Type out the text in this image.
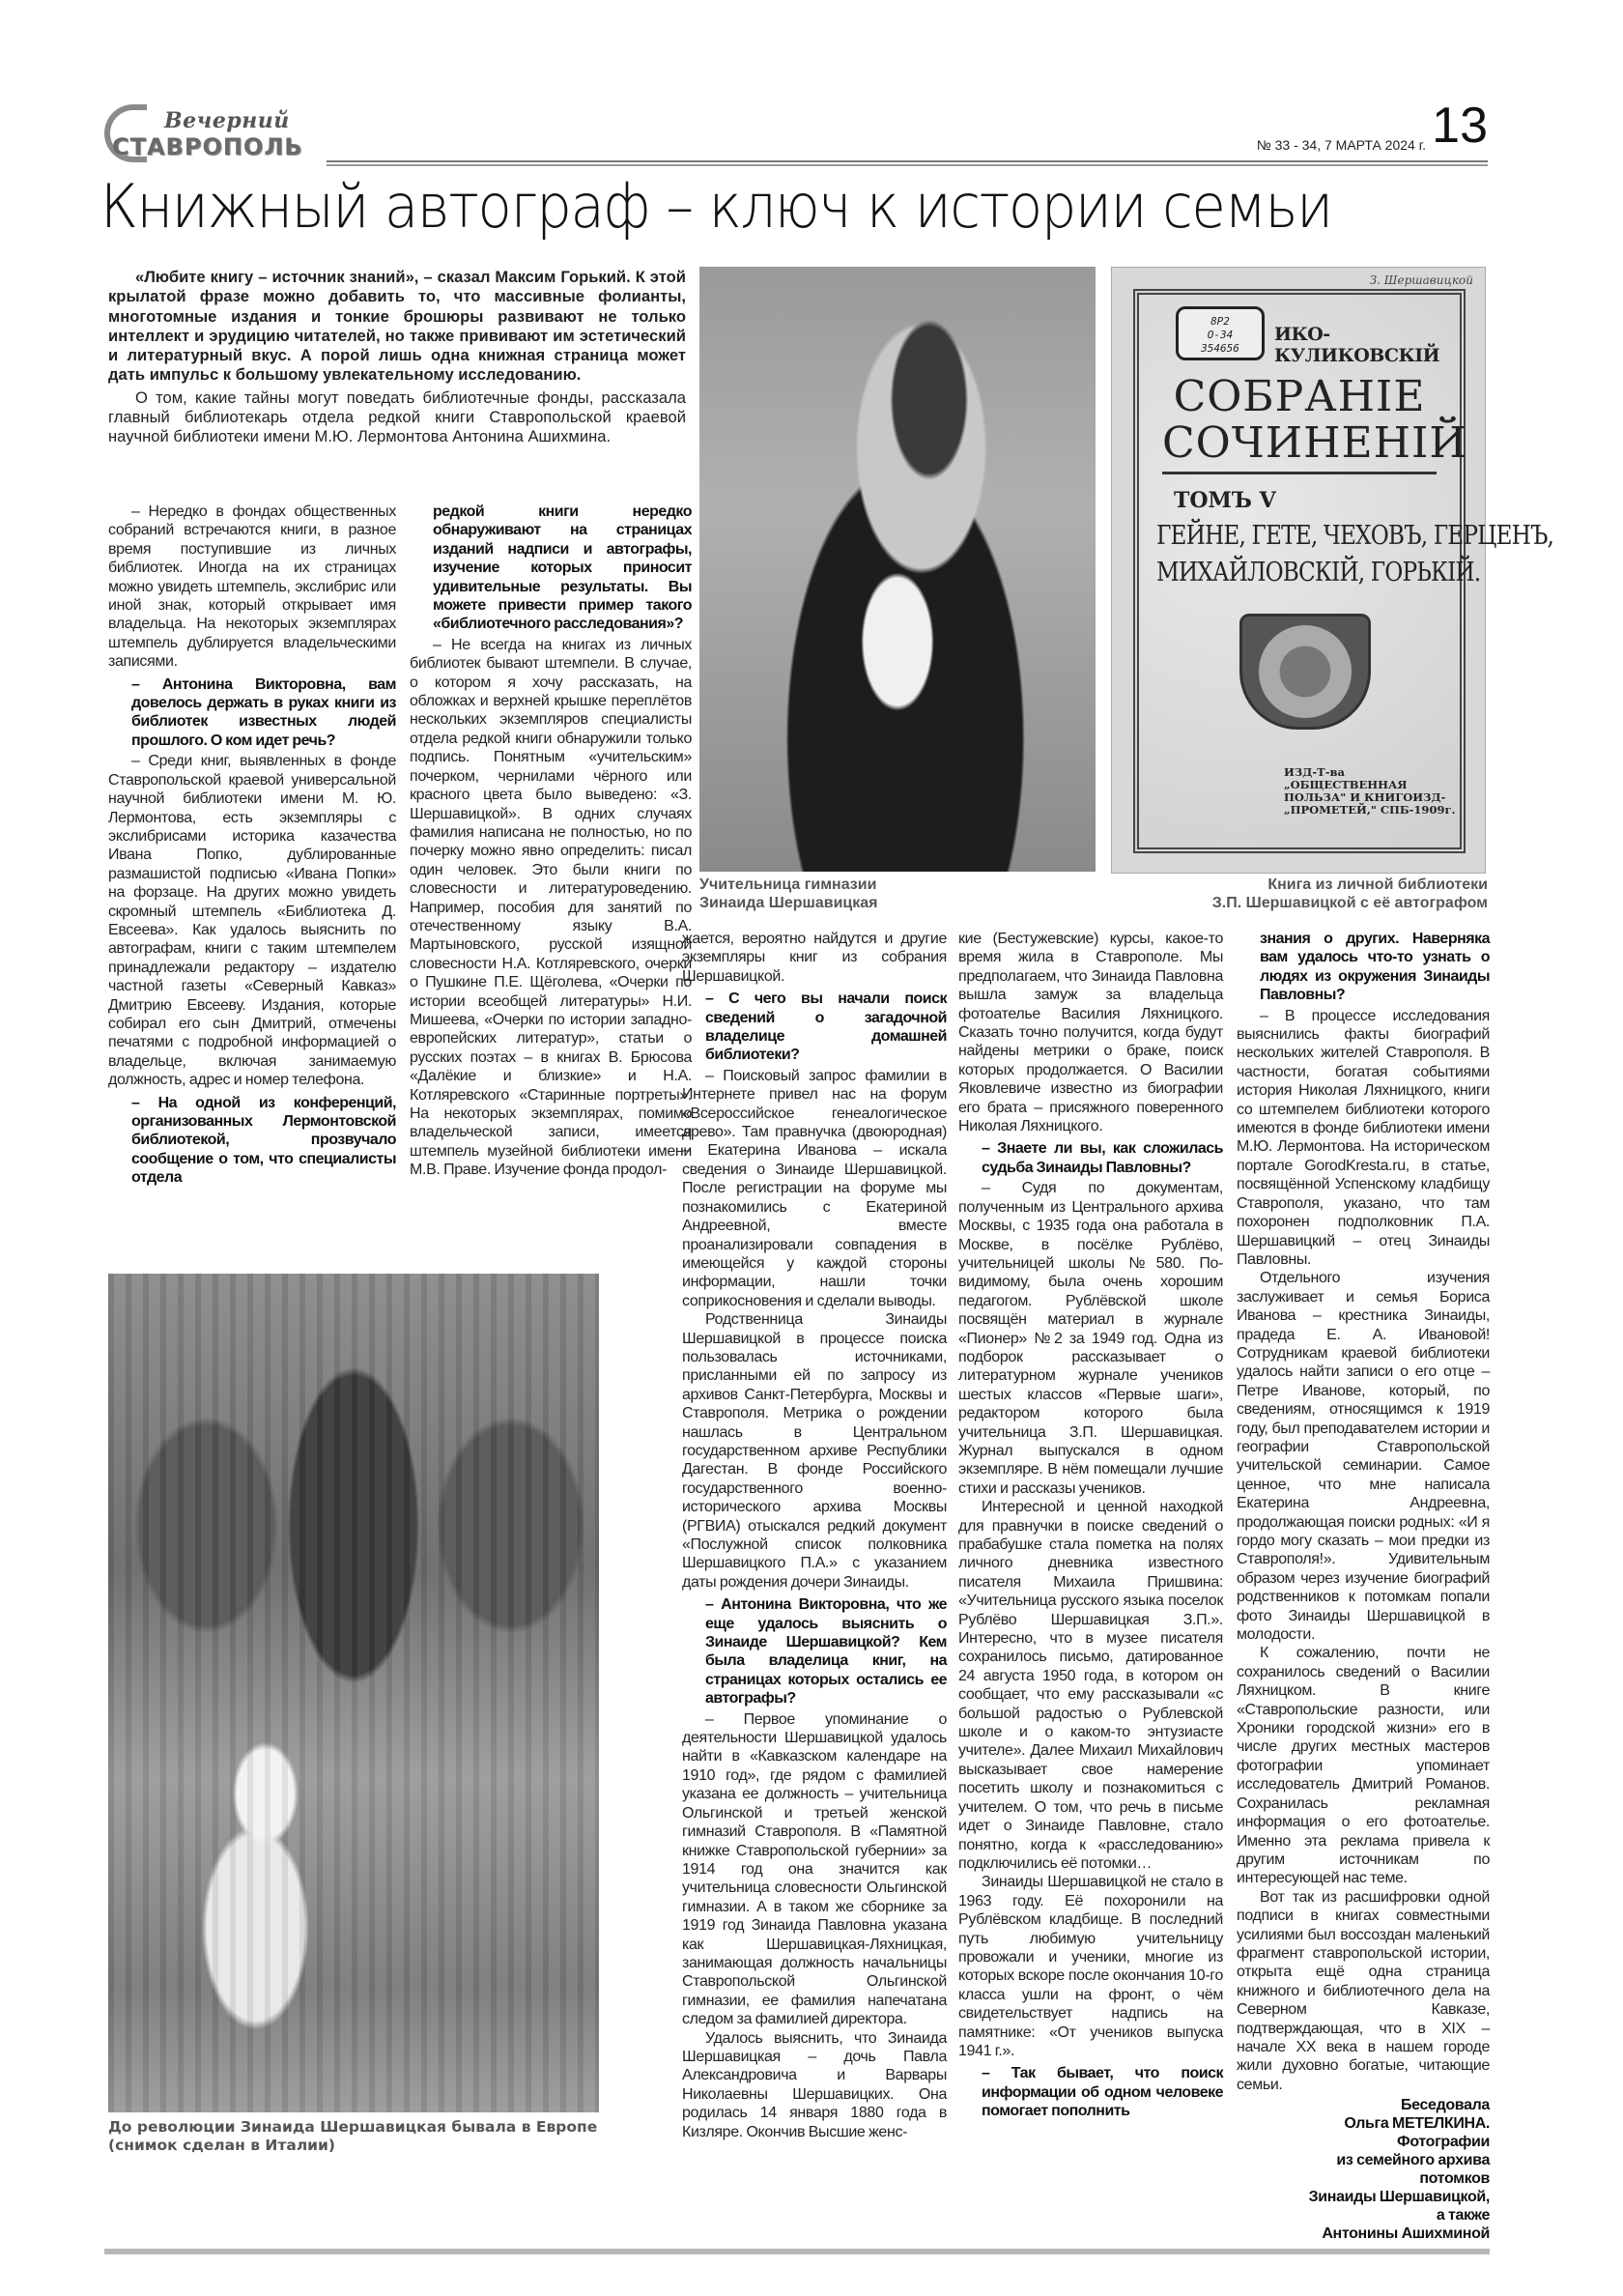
Вечерний
СТАВРОПОЛЬ	№ 33 - 34, 7 МАРТА 2024 г. 13
Книжный автограф – ключ к истории семьи

«Любите книгу – источник знаний», – сказал Максим Горький. К этой крылатой фразе можно добавить то, что массивные фолианты, многотомные издания и тонкие брошюры развивают не только интеллект и эрудицию читателей, но также прививают им эстетический и литературный вкус. А порой лишь одна книжная страница может дать импульс к большому увлекательному исследованию.

О том, какие тайны могут поведать библиотечные фонды, рассказала главный библиотекарь отдела редкой книги Ставропольской краевой научной библиотеки имени М.Ю. Лермонтова Антонина Ашихмина.

Учительница гимназии
Зинаида Шершавицкая
З. Шершавицкой
8Р2
О-34
354656
ИКО-КУЛИКОВСКІЙ
СОБРАНІЕ
СОЧИНЕНІЙ
ТОМЪ V
ГЕЙНЕ, ГЕТЕ, ЧЕХОВЪ, ГЕРЦЕНЪ,
МИХАЙЛОВСКІЙ, ГОРЬКІЙ.
ИЗД-Т-ва „ОБЩЕСТВЕННАЯ
ПОЛЬЗА" И КНИГОИЗД-
„ПРОМЕТЕЙ," СПБ-1909г.
Книга из личной библиотеки
З.П. Шершавицкой с её автографом
До революции Зинаида Шершавицкая бывала в Европе
(снимок сделан в Италии)

– Нередко в фондах общественных собраний встречаются книги, в разное время поступившие из личных библиотек. Иногда на их страницах можно увидеть штемпель, экслибрис или иной знак, который открывает имя владельца. На некоторых экземплярах штемпель дублируется владельческими записями.

– Антонина Викторовна, вам довелось держать в руках книги из библиотек известных людей прошлого. О ком идет речь?

– Среди книг, выявленных в фонде Ставропольской краевой универсальной научной библиотеки имени М. Ю. Лермонтова, есть экземпляры с экслибрисами историка казачества Ивана Попко, дублированные размашистой подписью «Ивана Попки» на форзаце. На других можно увидеть скромный штемпель «Библиотека Д. Евсеева». Как удалось выяснить по автографам, книги с таким штемпелем принадлежали редактору – издателю частной газеты «Северный Кавказ» Дмитрию Евсееву. Издания, которые собирал его сын Дмитрий, отмечены печатями с подробной информацией о владельце, включая занимаемую должность, адрес и номер телефона.

– На одной из конференций, организованных Лермонтовской библиотекой, прозвучало сообщение о том, что специалисты отдела

редкой книги нередко обнаруживают на страницах изданий надписи и автографы, изучение которых приносит удивительные результаты. Вы можете привести пример такого «библиотечного расследования»?

– Не всегда на книгах из личных библиотек бывают штемпели. В случае, о котором я хочу рассказать, на обложках и верхней крышке переплётов нескольких экземпляров специалисты отдела редкой книги обнаружили только подпись. Понятным «учительским» почерком, чернилами чёрного или красного цвета было выведено: «З. Шершавицкой». В одних случаях фамилия написана не полностью, но по почерку можно явно определить: писал один человек. Это были книги по словесности и литературоведению. Например, пособия для занятий по отечественному языку В.А. Мартыновского, русской изящной словесности Н.А. Котляревского, очерки о Пушкине П.Е. Щёголева, «Очерки по истории всеобщей литературы» Н.И. Мишеева, «Очерки по истории западно-европейских литератур», статьи о русских поэтах – в книгах В. Брюсова «Далёкие и близкие» и Н.А. Котляревского «Старинные портреты». На некоторых экземплярах, помимо владельческой записи, имеется штемпель музейной библиотеки имени М.В. Праве. Изучение фонда продол-

жается, вероятно найдутся и другие экземпляры книг из собрания Шершавицкой.

– С чего вы начали поиск сведений о загадочной владелице домашней библиотеки?

– Поисковый запрос фамилии в Интернете привел нас на форум «Всероссийское генеалогическое древо». Там правнучка (двоюродная) – Екатерина Иванова – искала сведения о Зинаиде Шершавицкой. После регистрации на форуме мы познакомились с Екатериной Андреевной, вместе проанализировали совпадения в имеющейся у каждой стороны информации, нашли точки соприкосновения и сделали выводы.

Родственница Зинаиды Шершавицкой в процессе поиска пользовалась источниками, присланными ей по запросу из архивов Санкт-Петербурга, Москвы и Ставрополя. Метрика о рождении нашлась в Центральном государственном архиве Республики Дагестан. В фонде Российского государственного военно-исторического архива Москвы (РГВИА) отыскался редкий документ «Послужной список полковника Шершавицкого П.А.» с указанием даты рождения дочери Зинаиды.

– Антонина Викторовна, что же еще удалось выяснить о Зинаиде Шершавицкой? Кем была владелица книг, на страницах которых остались ее автографы?

– Первое упоминание о деятельности Шершавицкой удалось найти в «Кавказском календаре на 1910 год», где рядом с фамилией указана ее должность – учительница Ольгинской и третьей женской гимназий Ставрополя. В «Памятной книжке Ставропольской губернии» за 1914 год она значится как учительница словесности Ольгинской гимназии. А в таком же сборнике за 1919 год Зинаида Павловна указана как Шершавицкая-Ляхницкая, занимающая должность начальницы Ставропольской Ольгинской гимназии, ее фамилия напечатана следом за фамилией директора.

Удалось выяснить, что Зинаида Шершавицкая – дочь Павла Александровича и Варвары Николаевны Шершавицких. Она родилась 14 января 1880 года в Кизляре. Окончив Высшие женс-

кие (Бестужевские) курсы, какое-то время жила в Ставрополе. Мы предполагаем, что Зинаида Павловна вышла замуж за владельца фотоателье Василия Ляхницкого. Сказать точно получится, когда будут найдены метрики о браке, поиск которых продолжается. О Василии Яковлевиче известно из биографии его брата – присяжного поверенного Николая Ляхницкого.

– Знаете ли вы, как сложилась судьба Зинаиды Павловны?

– Судя по документам, полученным из Центрального архива Москвы, с 1935 года она работала в Москве, в посёлке Рублёво, учительницей школы №580. По-видимому, была очень хорошим педагогом. Рублёвской школе посвящён материал в журнале «Пионер» №2 за 1949 год. Одна из подборок рассказывает о литературном журнале учеников шестых классов «Первые шаги», редактором которого была учительница З.П. Шершавицкая. Журнал выпускался в одном экземпляре. В нём помещали лучшие стихи и рассказы учеников.

Интересной и ценной находкой для правнучки в поиске сведений о прабабушке стала пометка на полях личного дневника известного писателя Михаила Пришвина: «Учительница русского языка поселок Рублёво Шершавицкая З.П.». Интересно, что в музее писателя сохранилось письмо, датированное 24 августа 1950 года, в котором он сообщает, что ему рассказывали «с большой радостью о Рублевской школе и о каком-то энтузиасте учителе». Далее Михаил Михайлович высказывает свое намерение посетить школу и познакомиться с учителем. О том, что речь в письме идет о Зинаиде Павловне, стало понятно, когда к «расследованию» подключились её потомки…

Зинаиды Шершавицкой не стало в 1963 году. Её похоронили на Рублёвском кладбище. В последний путь любимую учительницу провожали и ученики, многие из которых вскоре после окончания 10-го класса ушли на фронт, о чём свидетельствует надпись на памятнике: «От учеников выпуска 1941 г.».

– Так бывает, что поиск информации об одном человеке помогает пополнить

знания о других. Наверняка вам удалось что-то узнать о людях из окружения Зинаиды Павловны?

– В процессе исследования выяснились факты биографий нескольких жителей Ставрополя. В частности, богатая событиями история Николая Ляхницкого, книги со штемпелем библиотеки которого имеются в фонде библиотеки имени М.Ю. Лермонтова. На историческом портале GorodKresta.ru, в статье, посвящённой Успенскому кладбищу Ставрополя, указано, что там похоронен подполковник П.А. Шершавицкий – отец Зинаиды Павловны.

Отдельного изучения заслуживает и семья Бориса Иванова – крестника Зинаиды, прадеда Е. А. Ивановой! Сотрудникам краевой библиотеки удалось найти записи о его отце – Петре Иванове, который, по сведениям, относящимся к 1919 году, был преподавателем истории и географии Ставропольской учительской семинарии. Самое ценное, что мне написала Екатерина Андреевна, продолжающая поиски родных: «И я гордо могу сказать – мои предки из Ставрополя!». Удивительным образом через изучение биографий родственников к потомкам попали фото Зинаиды Шершавицкой в молодости.

К сожалению, почти не сохранилось сведений о Василии Ляхницком. В книге «Ставропольские разности, или Хроники городской жизни» его в числе других местных мастеров фотографии упоминает исследователь Дмитрий Романов. Сохранилась рекламная информация о его фотоателье. Именно эта реклама привела к другим источникам по интересующей нас теме.

Вот так из расшифровки одной подписи в книгах совместными усилиями был воссоздан маленький фрагмент ставропольской истории, открыта ещё одна страница книжного и библиотечного дела на Северном Кавказе, подтверждающая, что в XIX – начале XX века в нашем городе жили духовно богатые, читающие семьи.

Беседовала
Ольга МЕТЕЛКИНА.
Фотографии
из семейного архива
потомков
Зинаиды Шершавицкой,
а также
Антонины Ашихминой
